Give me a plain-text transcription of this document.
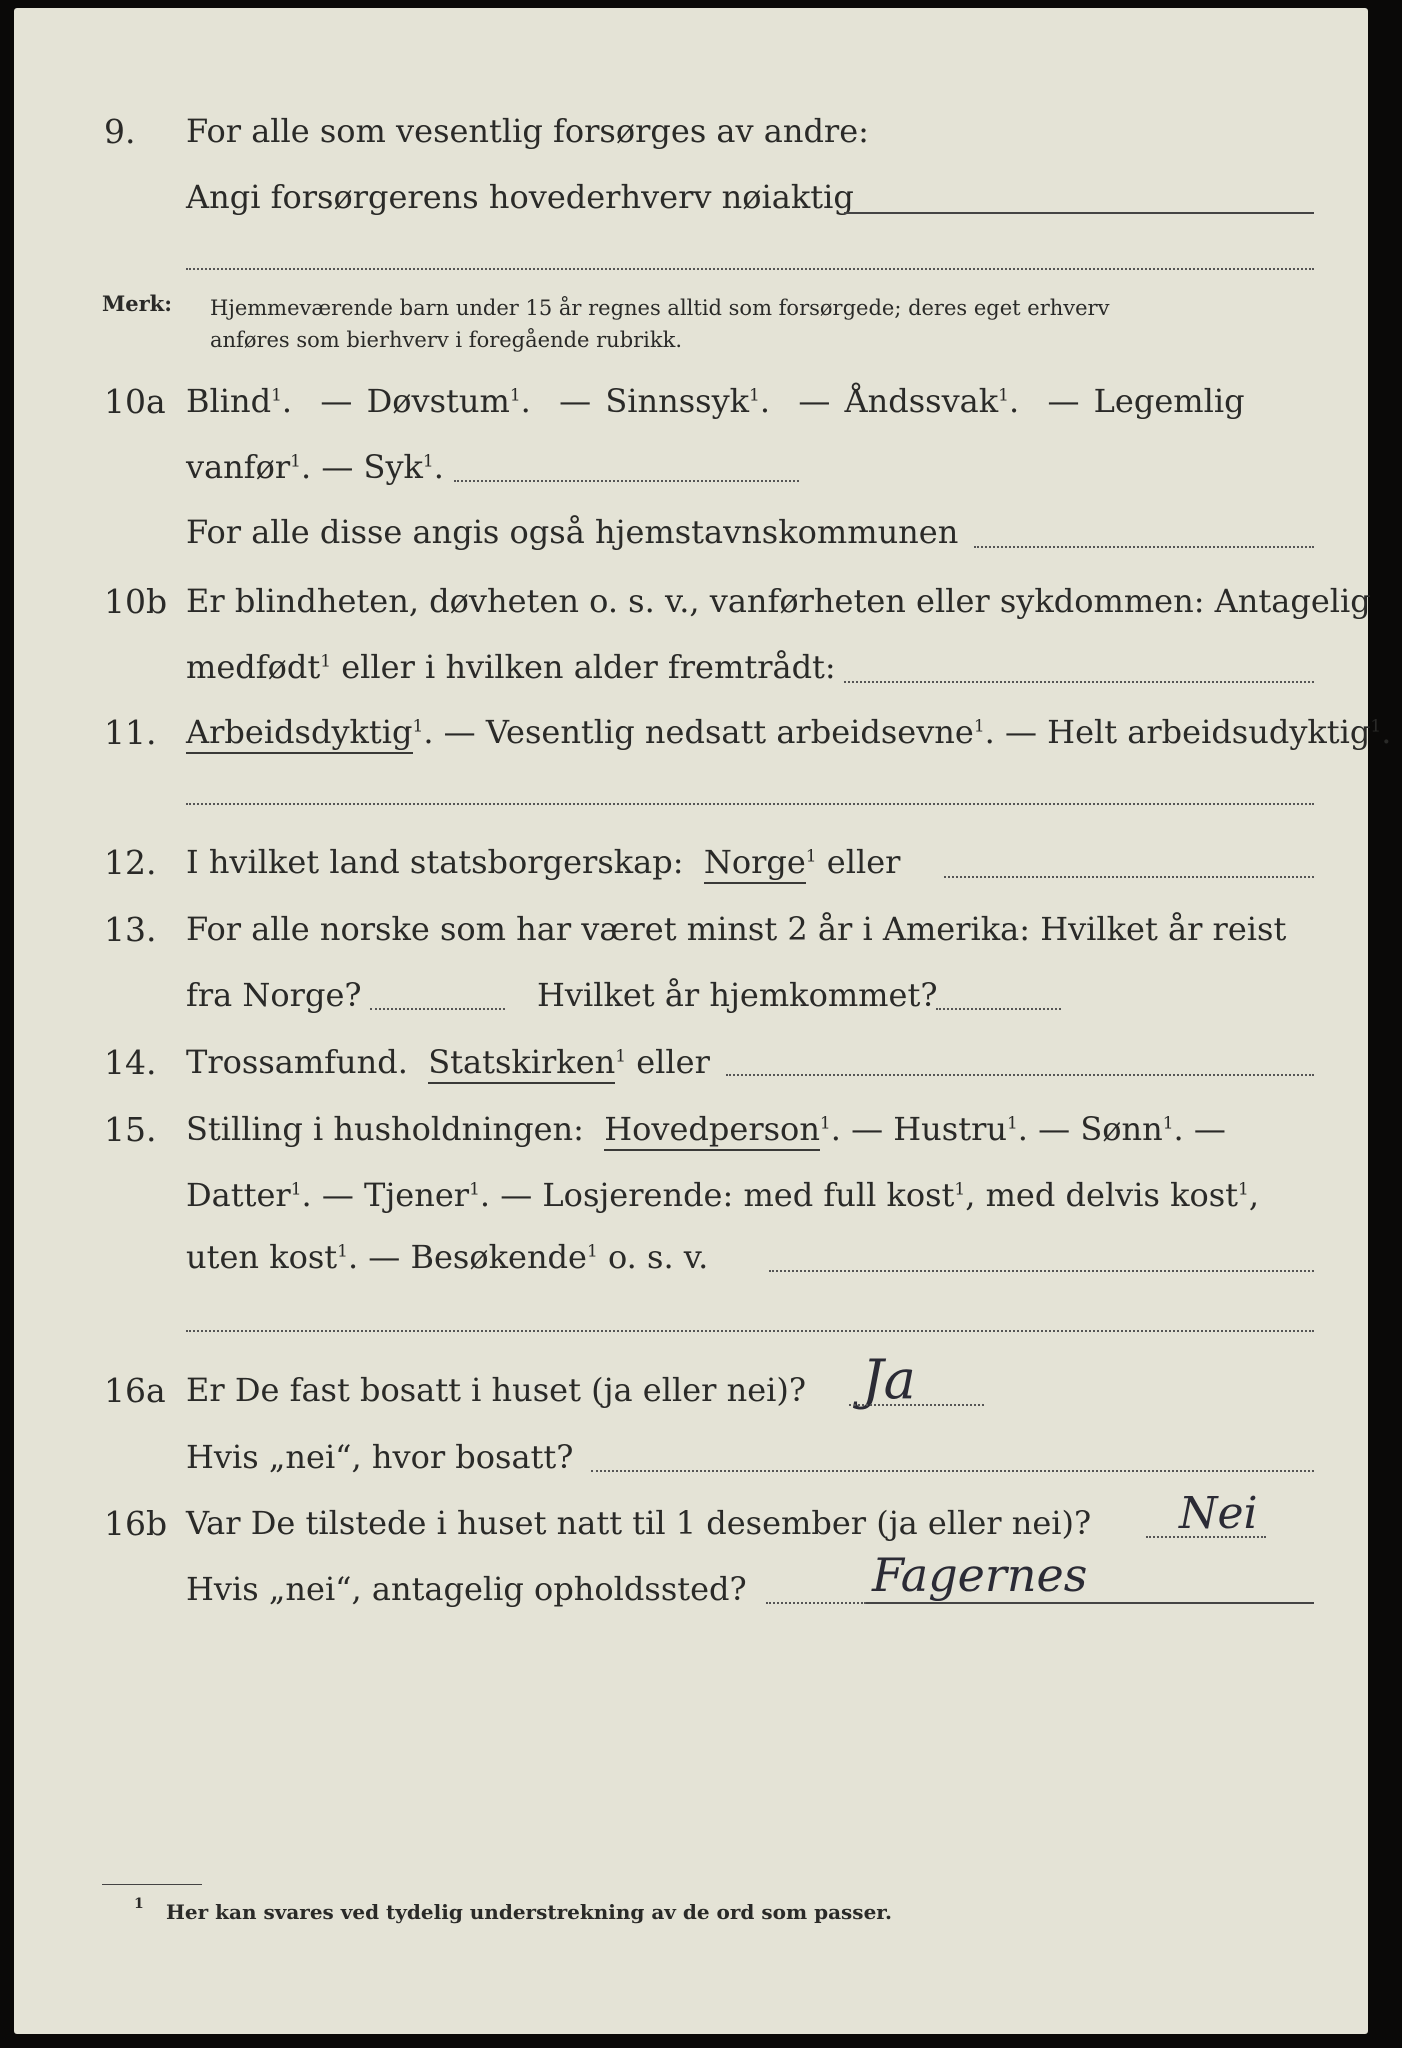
9. For alle som vesentlig forsørges av andre:
Angi forsørgerens hovederhverv nøiaktig
Merk: Hjemmeværende barn under 15 år regnes alltid som forsørgede; deres eget erhverv
anføres som bierhverv i foregående rubrikk.
10a Blind$^1$.  — Døvstum$^1$.  — Sinnssyk$^1$.  — Åndssvak$^1$.  — Legemlig
vanfør$^1$. — Syk$^1$.
For alle disse angis også hjemstavnskommunen
10b Er blindheten, døvheten o. s. v., vanførheten eller sykdommen: Antagelig
medfødt$^1$ eller i hvilken alder fremtrådt:
11. Arbeidsdyktig$^1$. — Vesentlig nedsatt arbeidsevne$^1$. — Helt arbeidsudyktig$^1$.
12. I hvilket land statsborgerskap: Norge$^1$ eller
13. For alle norske som har været minst 2 år i Amerika: Hvilket år reist
fra Norge?	Hvilket år hjemkommet?
14. Trossamfund. Statskirken$^1$ eller
15. Stilling i husholdningen: Hovedperson$^1$. — Hustru$^1$. — Sønn$^1$. —
Datter$^1$. — Tjener$^1$. — Losjerende: med full kost$^1$, med delvis kost$^1$,
uten kost$^1$. — Besøkende$^1$ o. s. v.
16a Er De fast bosatt i huset (ja eller nei)? Ja
Hvis „nei“, hvor bosatt?
16b Var De tilstede i huset natt til 1 desember (ja eller nei)? Nei
Hvis „nei“, antagelig opholdssted?	Fagernes
1 Her kan svares ved tydelig understrekning av de ord som passer.
